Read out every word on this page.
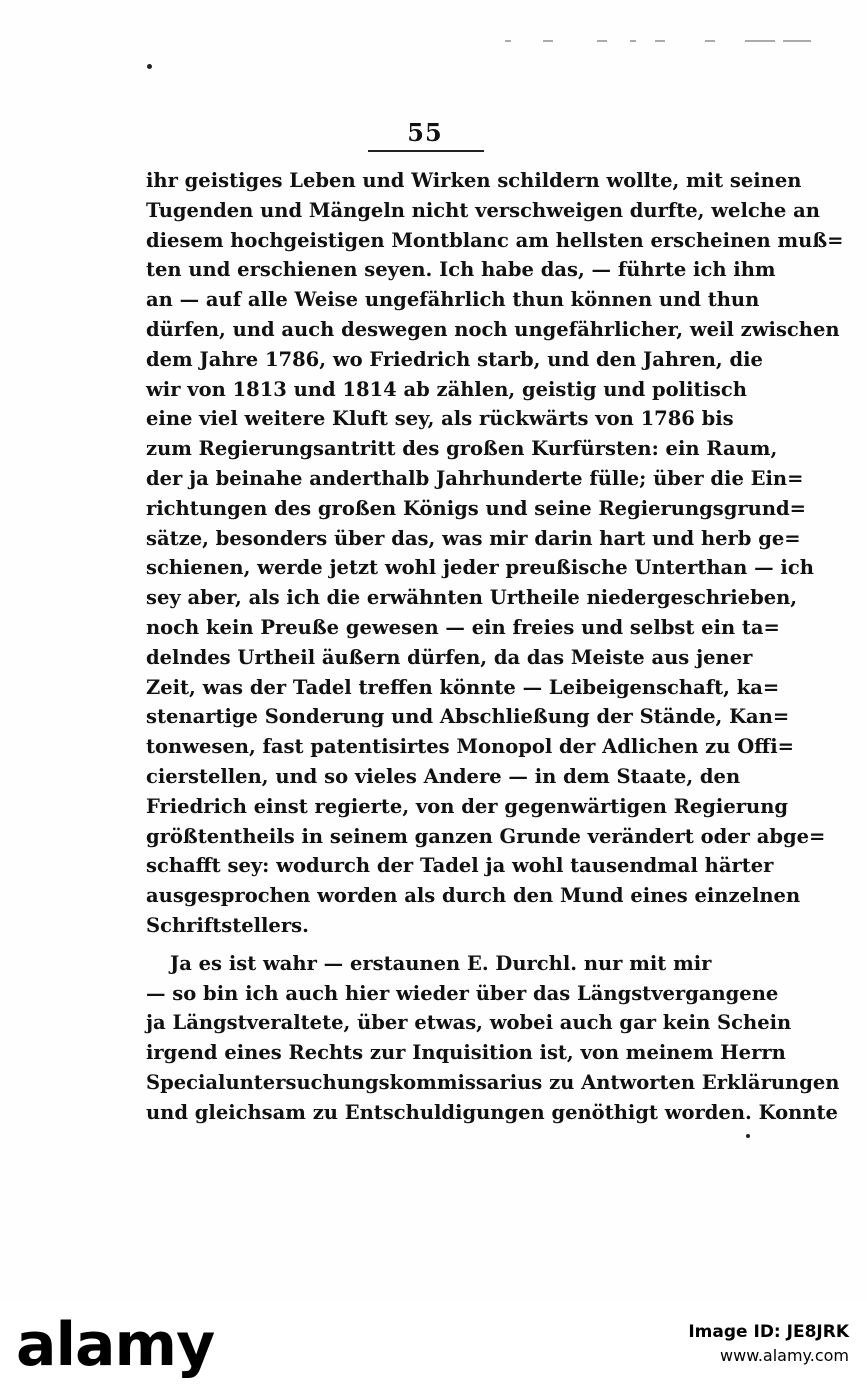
55
ihr geistiges Leben und Wirken schildern wollte, mit seinen
Tugenden und Mängeln nicht verschweigen durfte, welche an
diesem hochgeistigen Montblanc am hellsten erscheinen muß=
ten und erschienen seyen. Ich habe das, — führte ich ihm
an — auf alle Weise ungefährlich thun können und thun
dürfen, und auch deswegen noch ungefährlicher, weil zwischen
dem Jahre 1786, wo Friedrich starb, und den Jahren, die
wir von 1813 und 1814 ab zählen, geistig und politisch
eine viel weitere Kluft sey, als rückwärts von 1786 bis
zum Regierungsantritt des großen Kurfürsten: ein Raum,
der ja beinahe anderthalb Jahrhunderte fülle; über die Ein=
richtungen des großen Königs und seine Regierungsgrund=
sätze, besonders über das, was mir darin hart und herb ge=
schienen, werde jetzt wohl jeder preußische Unterthan — ich
sey aber, als ich die erwähnten Urtheile niedergeschrieben,
noch kein Preuße gewesen — ein freies und selbst ein ta=
delndes Urtheil äußern dürfen, da das Meiste aus jener
Zeit, was der Tadel treffen könnte — Leibeigenschaft, ka=
stenartige Sonderung und Abschließung der Stände, Kan=
tonwesen, fast patentisirtes Monopol der Adlichen zu Offi=
cierstellen, und so vieles Andere — in dem Staate, den
Friedrich einst regierte, von der gegenwärtigen Regierung
größtentheils in seinem ganzen Grunde verändert oder abge=
schafft sey: wodurch der Tadel ja wohl tausendmal härter
ausgesprochen worden als durch den Mund eines einzelnen
Schriftstellers.
Ja es ist wahr — erstaunen E. Durchl. nur mit mir
— so bin ich auch hier wieder über das Längstvergangene
ja Längstveraltete, über etwas, wobei auch gar kein Schein
irgend eines Rechts zur Inquisition ist, von meinem Herrn
Specialuntersuchungskommissarius zu Antworten Erklärungen
und gleichsam zu Entschuldigungen genöthigt worden. Konnte
alamy	Image ID: JE8JRK
www.alamy.com
